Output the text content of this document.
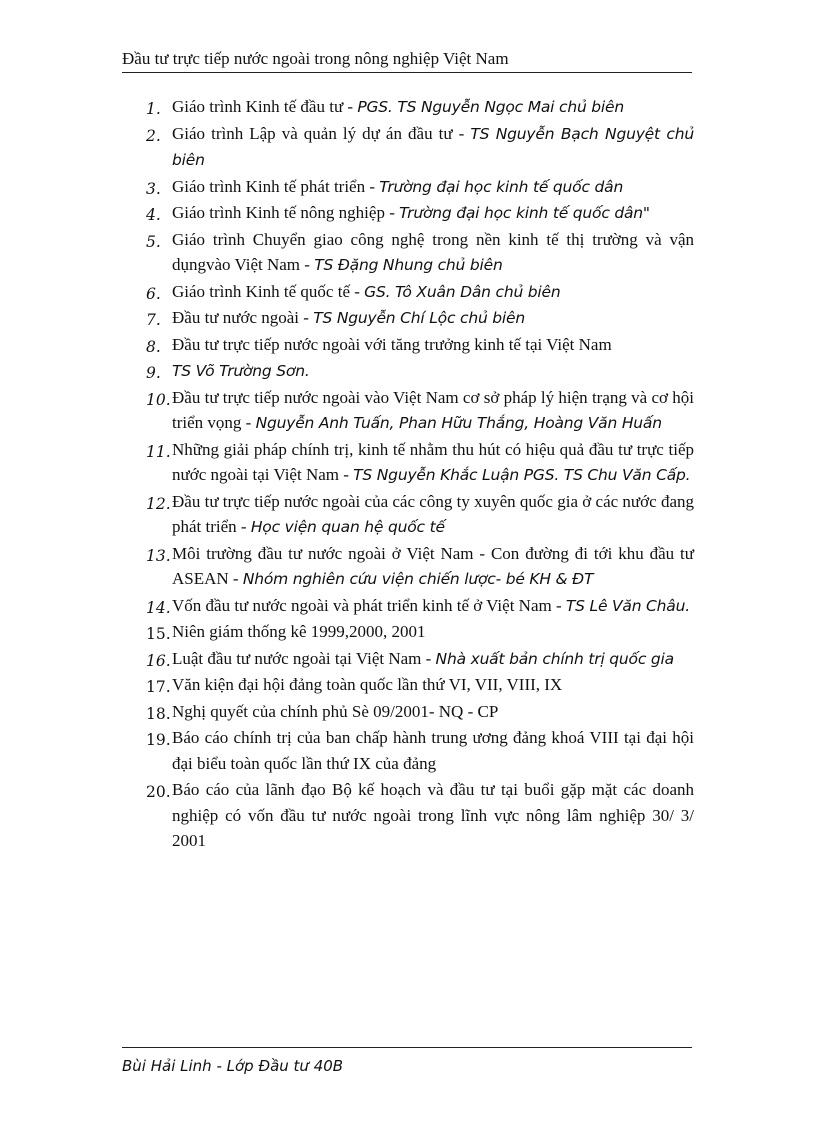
Đầu tư trực tiếp nước ngoài trong nông nghiệp Việt Nam
1. Giáo trình Kinh tế đầu tư - PGS. TS Nguyễn Ngọc Mai chủ biên
2. Giáo trình Lập và quản lý dự án đầu tư - TS Nguyễn Bạch Nguyệt chủ biên
3. Giáo trình Kinh tế phát triển - Trường đại học kinh tế quốc dân
4. Giáo trình Kinh tế nông nghiệp - Trường đại học kinh tế quốc dân"
5. Giáo trình Chuyển giao công nghệ trong nền kinh tế thị trường và vận dụngvào Việt Nam - TS Đặng Nhung chủ biên
6. Giáo trình Kinh tế quốc tế - GS. Tô Xuân Dân chủ biên
7. Đầu tư nước ngoài - TS Nguyễn Chí Lộc chủ biên
8. Đầu tư trực tiếp nước ngoài với tăng trưởng kinh tế tại Việt Nam
9. TS Võ Trường Sơn.
10. Đầu tư trực tiếp nước ngoài vào Việt Nam cơ sở pháp lý hiện trạng và cơ hội triển vọng - Nguyễn Anh Tuấn, Phan Hữu Thắng, Hoàng Văn Huấn
11. Những giải pháp chính trị, kinh tế nhằm thu hút có hiệu quả đầu tư trực tiếp nước ngoài tại Việt Nam - TS Nguyễn Khắc Luận PGS. TS Chu Văn Cấp.
12. Đầu tư trực tiếp nước ngoài của các công ty xuyên quốc gia ở các nước đang phát triển - Học viện quan hệ quốc tế
13. Môi trường đầu tư nước ngoài ở Việt Nam - Con đường đi tới khu đầu tư ASEAN - Nhóm nghiên cứu viện chiến lược- bé KH & ĐT
14. Vốn đầu tư nước ngoài và phát triển kinh tế ở Việt Nam - TS Lê Văn Châu.
15. Niên giám thống kê 1999,2000, 2001
16. Luật đầu tư nước ngoài tại Việt Nam - Nhà xuất bản chính trị quốc gia
17. Văn kiện đại hội đảng toàn quốc lần thứ VI, VII, VIII, IX
18. Nghị quyết của chính phủ Sè 09/2001- NQ - CP
19. Báo cáo chính trị của ban chấp hành trung ương đảng khoá VIII tại đại hội đại biểu toàn quốc lần thứ IX của đảng
20. Báo cáo của lãnh đạo Bộ kế hoạch và đầu tư tại buổi gặp mặt các doanh nghiệp có vốn đầu tư nước ngoài trong lĩnh vực nông lâm nghiệp 30/ 3/ 2001
Bùi Hải Linh - Lớp Đầu tư 40B
